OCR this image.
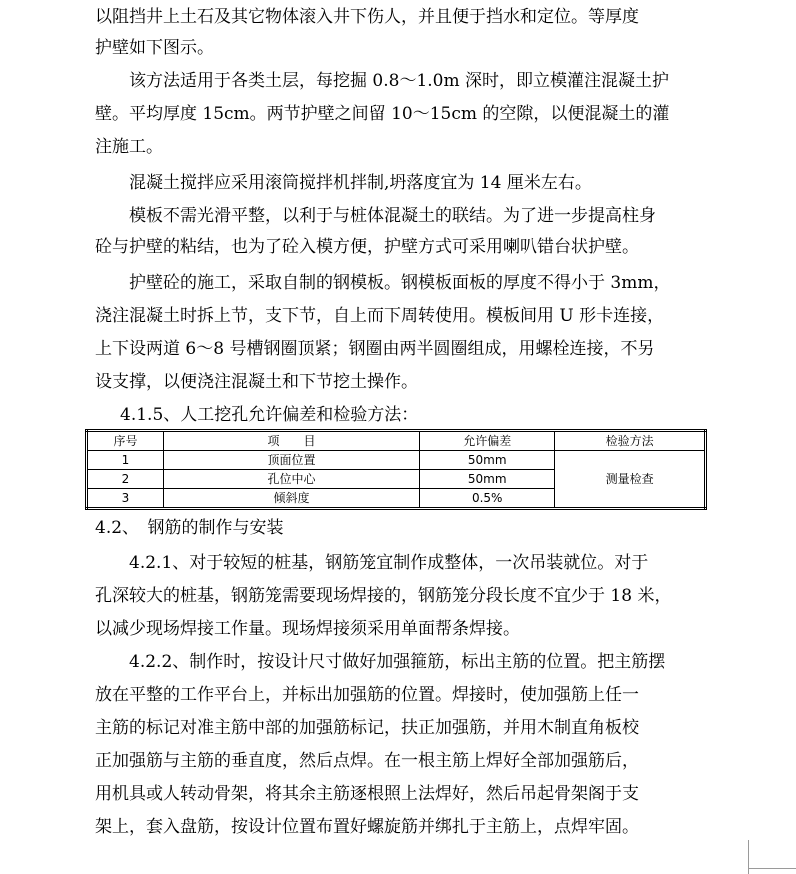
以阻挡井上土石及其它物体滚入井下伤人，并且便于挡水和定位。等厚度
护壁如下图示。
　　该方法适用于各类土层，每挖掘 0.8～1.0m 深时，即立模灌注混凝土护
壁。平均厚度 15cm。两节护壁之间留 10～15cm 的空隙，以便混凝土的灌
注施工。
　　混凝土搅拌应采用滚筒搅拌机拌制,坍落度宜为 14 厘米左右。
　　模板不需光滑平整，以利于与桩体混凝土的联结。为了进一步提高柱身
砼与护壁的粘结，也为了砼入模方便，护壁方式可采用喇叭错台状护壁。
　　护壁砼的施工，采取自制的钢模板。钢模板面板的厚度不得小于 3mm，
浇注混凝土时拆上节，支下节，自上而下周转使用。模板间用 U 形卡连接，
上下设两道 6～8 号槽钢圈顶紧；钢圈由两半圆圈组成，用螺栓连接，不另
设支撑，以便浇注混凝土和下节挖土操作。
4.1.5、人工挖孔允许偏差和检验方法：
序号	项　　目	允许偏差	检验方法
1	顶面位置	50mm	测量检查
2	孔位中心	50mm	
3	倾斜度	0.5%	
4.2、　钢筋的制作与安装
　　4.2.1、对于较短的桩基，钢筋笼宜制作成整体，一次吊装就位。对于
孔深较大的桩基，钢筋笼需要现场焊接的，钢筋笼分段长度不宜少于 18 米，
以减少现场焊接工作量。现场焊接须采用单面帮条焊接。
　　4.2.2、制作时，按设计尺寸做好加强箍筋，标出主筋的位置。把主筋摆
放在平整的工作平台上，并标出加强筋的位置。焊接时，使加强筋上任一
主筋的标记对准主筋中部的加强筋标记，扶正加强筋，并用木制直角板校
正加强筋与主筋的垂直度，然后点焊。在一根主筋上焊好全部加强筋后，
用机具或人转动骨架，将其余主筋逐根照上法焊好，然后吊起骨架阁于支
架上，套入盘筋，按设计位置布置好螺旋筋并绑扎于主筋上，点焊牢固。
